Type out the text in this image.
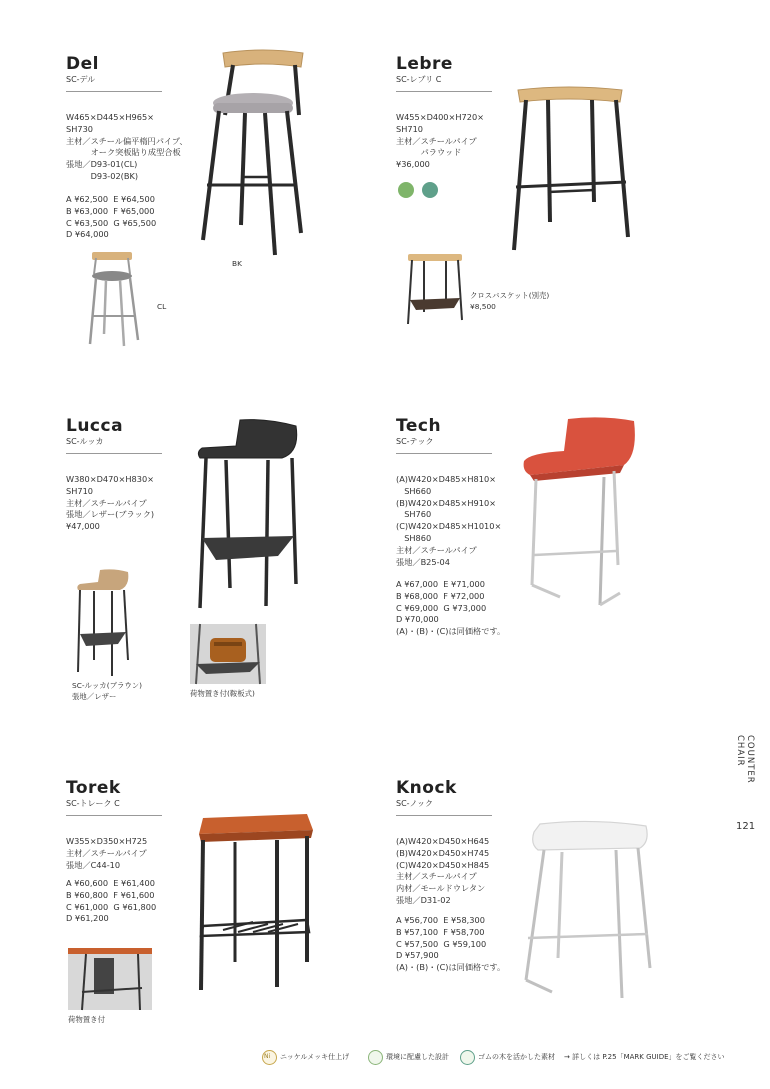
Del
SC-デル
W465×D445×H965×
SH730
主材／スチール偏平楕円パイプ、
　　　オーク突板貼り成型合板
張地／D93-01(CL)
　　　D93-02(BK)
A ¥62,500  E ¥64,500
B ¥63,000  F ¥65,000
C ¥63,500  G ¥65,500
D ¥64,000
BK
CL
Lebre
SC-レブリ C
W455×D400×H720×
SH710
主材／スチールパイプ
　　　パラウッド
¥36,000
クロスバスケット(別売)
¥8,500
Lucca
SC-ルッカ
W380×D470×H830×
SH710
主材／スチールパイプ
張地／レザー(ブラック)
¥47,000
SC-ルッカ(ブラウン)
張地／レザー	荷物置き付(鞍板式)
Tech
SC-テック
(A)W420×D485×H810×
　SH660
(B)W420×D485×H910×
　SH760
(C)W420×D485×H1010×
　SH860
主材／スチールパイプ
張地／B25-04
A ¥67,000  E ¥71,000
B ¥68,000  F ¥72,000
C ¥69,000  G ¥73,000
D ¥70,000
(A)・(B)・(C)は同価格です。
Torek
SC-トレーク C
W355×D350×H725
主材／スチールパイプ
張地／C44-10
A ¥60,600  E ¥61,400
B ¥60,800  F ¥61,600
C ¥61,000  G ¥61,800
D ¥61,200
荷物置き付
Knock
SC-ノック
(A)W420×D450×H645
(B)W420×D450×H745
(C)W420×D450×H845
主材／スチールパイプ
内材／モールドウレタン
張地／D31-02
A ¥56,700  E ¥58,300
B ¥57,100  F ¥58,700
C ¥57,500  G ¥59,100
D ¥57,900
(A)・(B)・(C)は同価格です。
COUNTER CHAIR
121
Ni ニッケルメッキ仕上げ	環境に配慮した設計	ゴムの木を活かした素材 → 詳しくは P.25「MARK GUIDE」をご覧ください
